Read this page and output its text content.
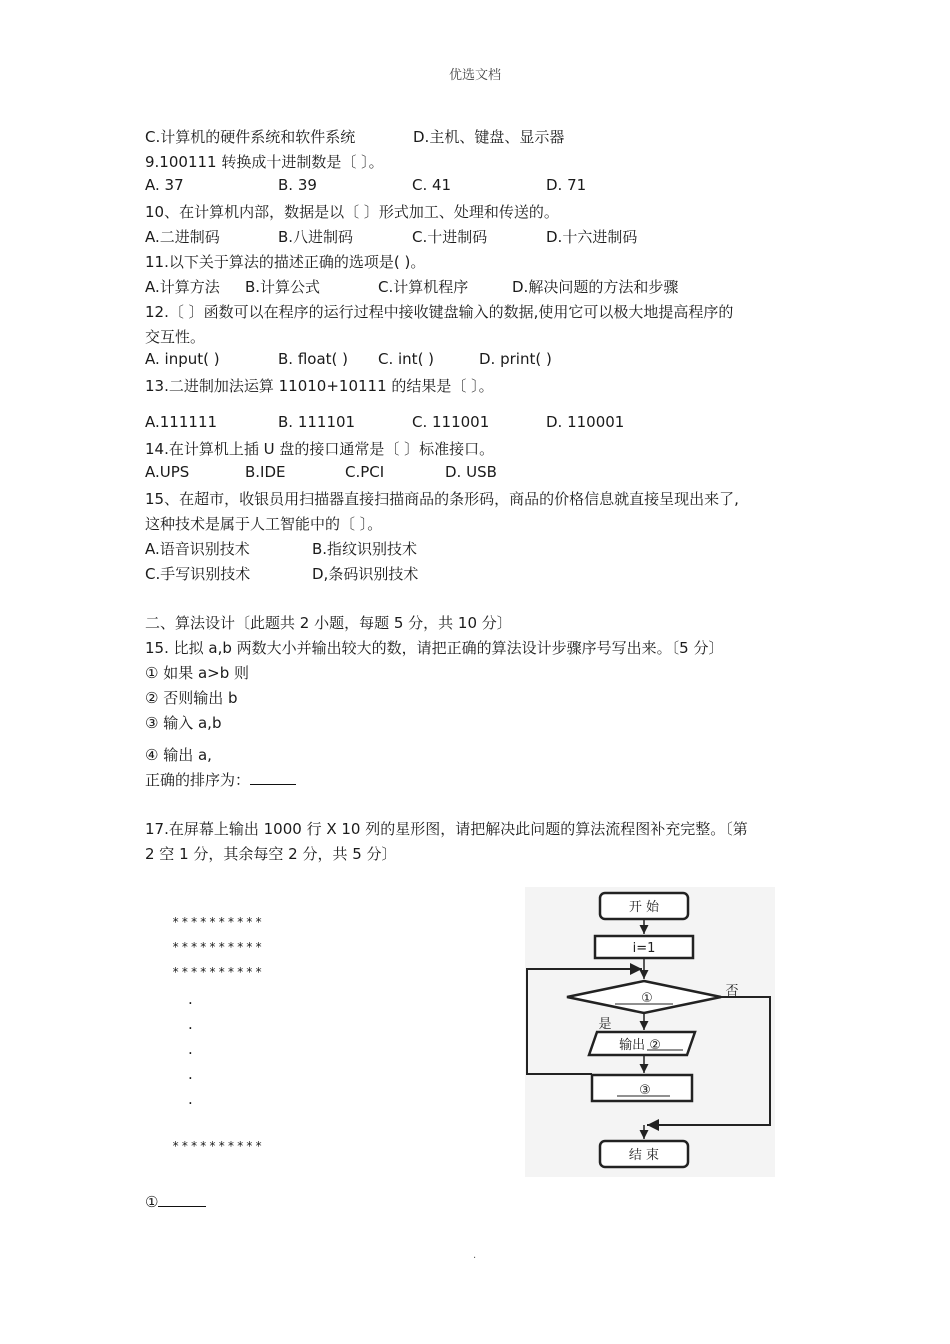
优选文档
C.计算机的硬件系统和软件系统	D.主机、键盘、显示器
9.100111 转换成十进制数是〔 〕。
A. 37	B. 39	C. 41	D. 71
10、在计算机内部，数据是以〔 〕形式加工、处理和传送的。
A.二进制码	B.八进制码	C.十进制码	D.十六进制码
11.以下关于算法的描述正确的选项是( )。
A.计算方法 B.计算公式	C.计算机程序	D.解决问题的方法和步骤
12.〔 〕函数可以在程序的运行过程中接收键盘输入的数据,使用它可以极大地提高程序的
交互性。
A. input( )	B. float( ) C. int( )	D. print( )
13.二进制加法运算 11010+10111 的结果是〔 〕。
A.111111	B. 111101	C. 111001	D. 110001
14.在计算机上插 U 盘的接口通常是〔 〕标准接口。
A.UPS	B.IDE	C.PCI	D. USB
15、在超市，收银员用扫描器直接扫描商品的条形码，商品的价格信息就直接呈现出来了,
这种技术是属于人工智能中的〔 〕。
A.语音识别技术	B.指纹识别技术
C.手写识别技术	D,条码识别技术
二、算法设计〔此题共 2 小题，每题 5 分，共 10 分〕
15. 比拟 a,b 两数大小并输出较大的数，请把正确的算法设计步骤序号写出来。〔5 分〕
① 如果 a>b 则
② 否则输出 b
③ 输入 a,b
④ 输出 a,
正确的排序为：
17.在屏幕上输出 1000 行 X 10 列的星形图，请把解决此问题的算法流程图补充完整。〔第
2 空 1 分，其余每空 2 分，共 5 分〕
**********
**********
**********
.
.
.
.
.
**********
开 始
i=1
①	否
是
输出 ②
③
结 束
①
.
